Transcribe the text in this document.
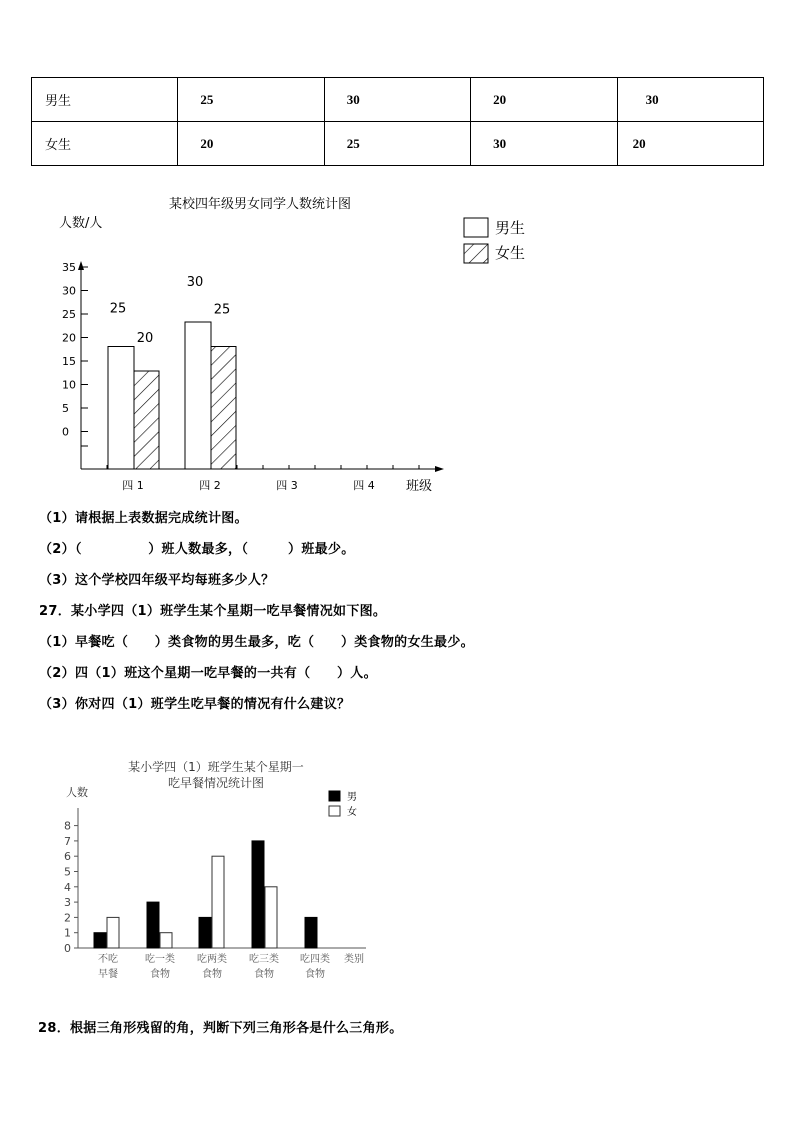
男生	25	30	20	30
女生	20	25	30	20
某校四年级男女同学人数统计图
人数/人	男生
女生
35
30
25
20
15
10
5
0
四 1	四 2	四 3	四 4
25
20
30
25
班级
（1）请根据上表数据完成统计图。
（2）（　　　　　）班人数最多，（　　　）班最少。
（3）这个学校四年级平均每班多少人？
27．某小学四（1）班学生某个星期一吃早餐情况如下图。
（1）早餐吃（　　）类食物的男生最多，吃（　　）类食物的女生最少。
（2）四（1）班这个星期一吃早餐的一共有（　　）人。
（3）你对四（1）班学生吃早餐的情况有什么建议？
某小学四（1）班学生某个星期一
吃早餐情况统计图
人数	男
女
8
7
6
5
4
3
2
1
0
不吃
早餐
吃一类
食物
吃两类
食物
吃三类
食物
吃四类
食物
类别
28．根据三角形残留的角，判断下列三角形各是什么三角形。
